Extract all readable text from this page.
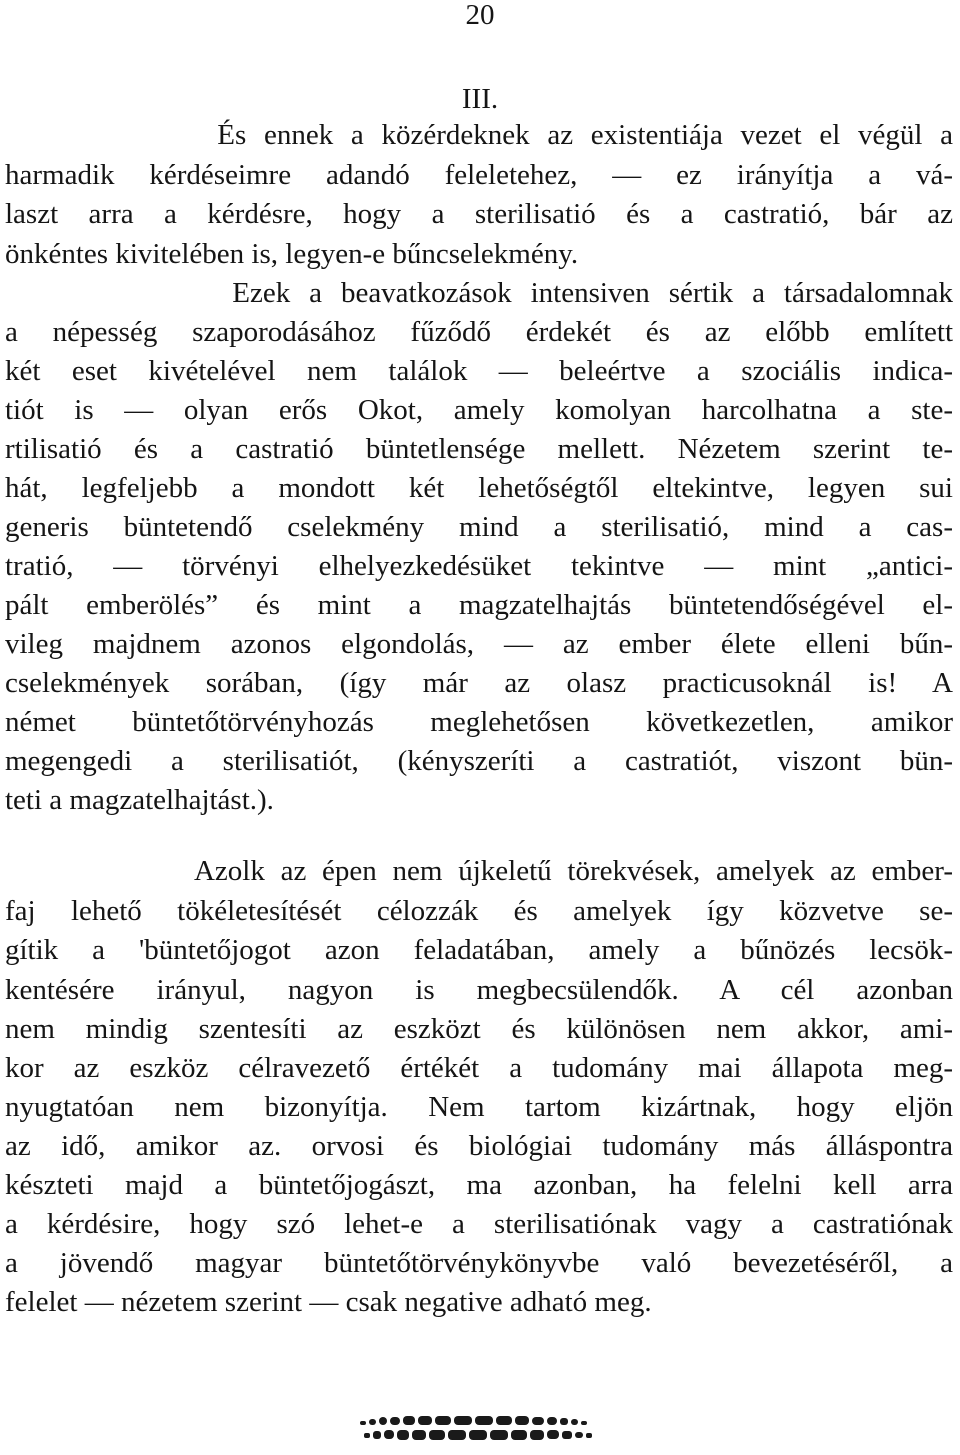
20
III.
És ennek a közérdeknek az existentiája vezet el végül a
harmadik kérdéseimre adandó feleletehez, — ez irányítja a vá-
laszt arra a kérdésre, hogy a sterilisatió és a castratió, bár az
önkéntes kivitelében is, legyen-e bűncselekmény.
Ezek a beavatkozások intensiven sértik a társadalomnak
a népesség szaporodásához fűződő érdekét és az előbb említett
két eset kivételével nem találok — beleértve a szociális indica-
tiót is — olyan erős Okot, amely komolyan harcolhatna a ste-
rtilisatió és a castratió büntetlensége mellett. Nézetem szerint te-
hát, legfeljebb a mondott két lehetőségtől eltekintve, legyen sui
generis büntetendő cselekmény mind a sterilisatió, mind a cas-
tratió, — törvényi elhelyezkedésüket tekintve — mint „antici-
pált emberölés” és mint a magzatelhajtás büntetendőségével el-
vileg majdnem azonos elgondolás, — az ember élete elleni bűn-
cselekmények sorában, (így már az olasz practicusoknál is! A
német büntetőtörvényhozás meglehetősen következetlen, amikor
megengedi a sterilisatiót, (kényszeríti a castratiót, viszont bün-
teti a magzatelhajtást.).
Azolk az épen nem újkeletű törekvések, amelyek az ember-
faj lehető tökéletesítését célozzák és amelyek így közvetve se-
gítik a 'büntetőjogot azon feladatában, amely a bűnözés lecsök-
kentésére irányul, nagyon is megbecsülendők. A cél azonban
nem mindig szentesíti az eszközt és különösen nem akkor, ami-
kor az eszköz célravezető értékét a tudomány mai állapota meg-
nyugtatóan nem bizonyítja. Nem tartom kizártnak, hogy eljön
az idő, amikor az. orvosi és biológiai tudomány más álláspontra
készteti majd a büntetőjogászt, ma azonban, ha felelni kell arra
a kérdésire, hogy szó lehet-e a sterilisatiónak vagy a castratiónak
a jövendő magyar büntetőtörvénykönyvbe való bevezetéséről, a
felelet — nézetem szerint — csak negative adható meg.
